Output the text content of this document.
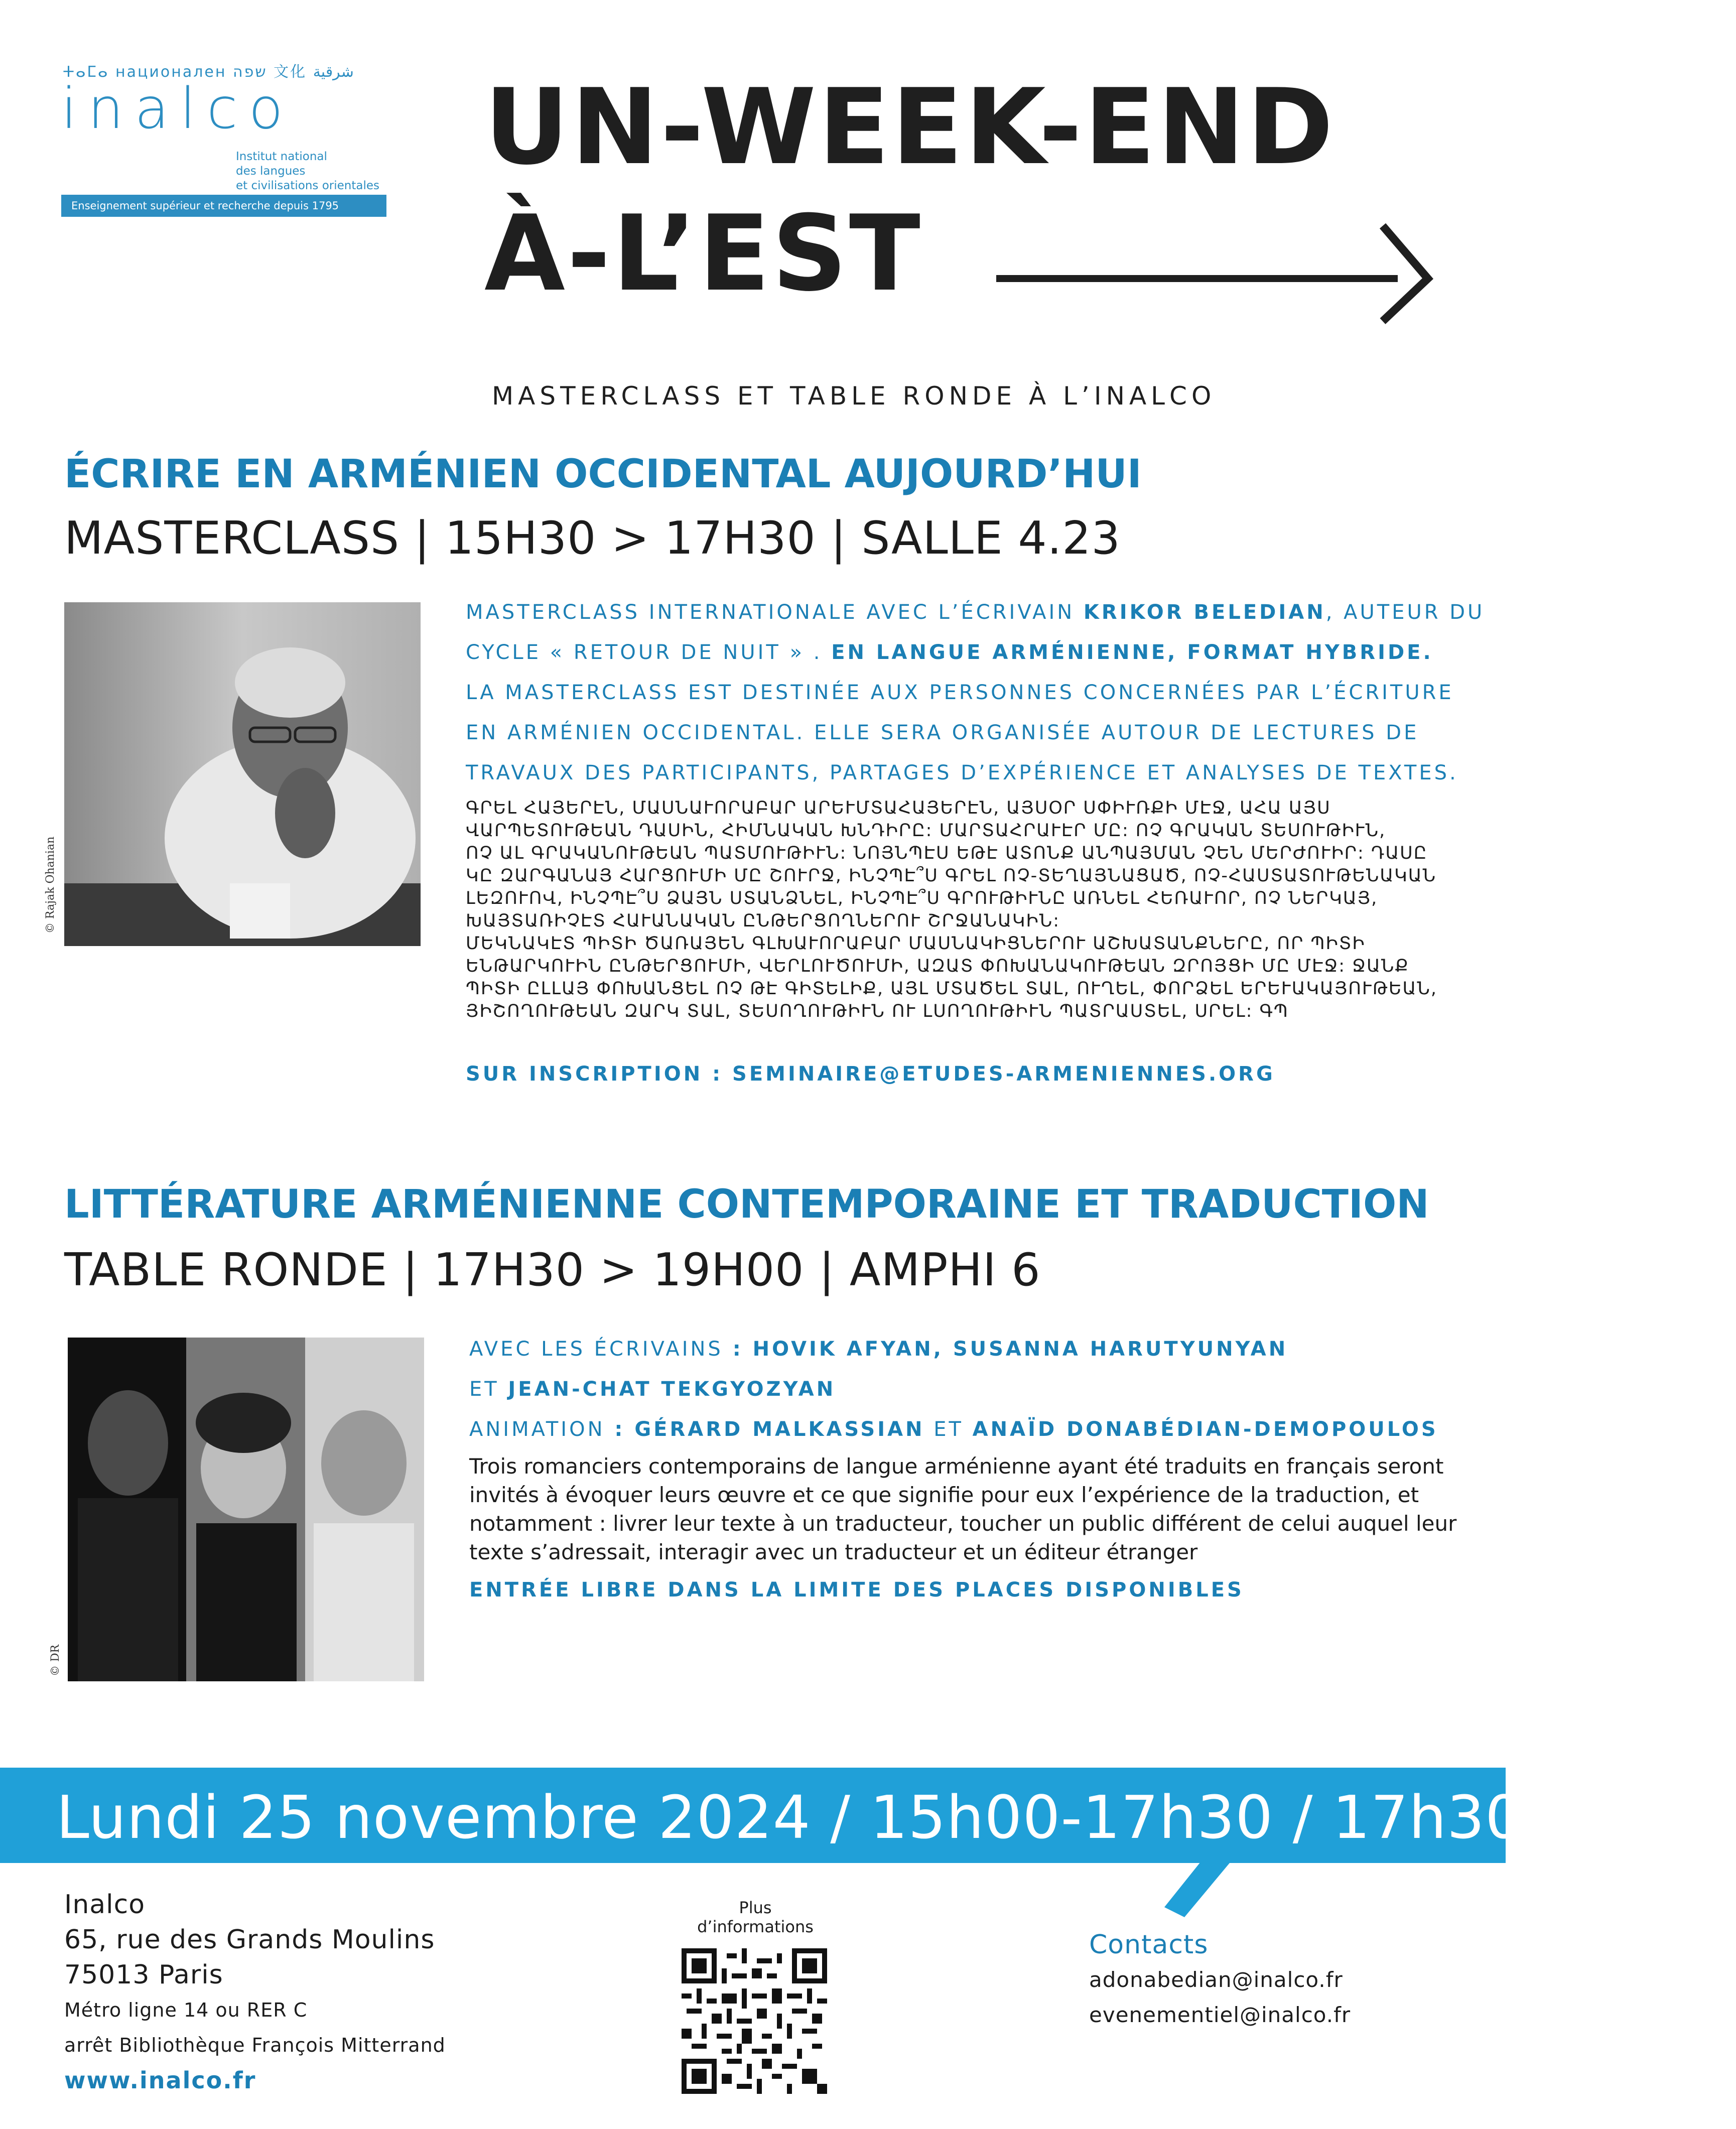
ⵜⴰⵎⴰ национален שפה 文化 شرقية
inalco
Institut national
des langues
et civilisations orientales
Enseignement supérieur et recherche depuis 1795
UN-WEEK-END
À-L’EST
MASTERCLASS ET TABLE RONDE À L’INALCO
ÉCRIRE EN ARMÉNIEN OCCIDENTAL AUJOURD’HUI
MASTERCLASS | 15H30 > 17H30 | SALLE 4.23
© Rajak Ohanian
MASTERCLASS INTERNATIONALE AVEC L’ÉCRIVAIN KRIKOR BELEDIAN, AUTEUR DU
CYCLE « RETOUR DE NUIT » . EN LANGUE ARMÉNIENNE, FORMAT HYBRIDE.
LA MASTERCLASS EST DESTINÉE AUX PERSONNES CONCERNÉES PAR L’ÉCRITURE
EN ARMÉNIEN OCCIDENTAL. ELLE SERA ORGANISÉE AUTOUR DE LECTURES DE
TRAVAUX DES PARTICIPANTS, PARTAGES D’EXPÉRIENCE ET ANALYSES DE TEXTES.
ԳՐԵԼ ՀԱՅԵՐԷՆ, ՄԱՍՆԱՒՈՐԱԲԱՐ ԱՐԵՒՄՏԱՀԱՅԵՐԷՆ, ԱՅՍՕՐ ՍՓԻՒՌՔԻ ՄԷՋ, ԱՀԱ ԱՅՍ
ՎԱՐՊԵՏՈՒԹԵԱՆ ԴԱՍԻՆ, ՀԻՄՆԱԿԱՆ ԽՆԴԻՐԸ: ՄԱՐՏԱՀՐԱՒԷՐ ՄԸ: ՈՉ ԳՐԱԿԱՆ ՏԵՍՈՒԹԻՒՆ,
ՈՉ ԱԼ ԳՐԱԿԱՆՈՒԹԵԱՆ ՊԱՏՄՈՒԹԻՒՆ: ՆՈՅՆՊԷՍ ԵԹԷ ԱՏՈՆՔ ԱՆՊԱՅՄԱՆ ՉԵՆ ՄԵՐԺՈՒԻՐ: ԴԱՍԸ
ԿԸ ԶԱՐԳԱՆԱՅ ՀԱՐՑՈՒՄԻ ՄԸ ՇՈՒՐՋ, ԻՆՉՊԷ՞Ս ԳՐԵԼ ՈՉ-ՏԵՂԱՅՆԱՑԱԾ, ՈՉ-ՀԱՍՏԱՏՈՒԹԵՆԱԿԱՆ
ԼԵԶՈՒՈՎ, ԻՆՉՊԷ՞Ս ՁԱՅՆ ՍՏԱՆՁՆԵԼ, ԻՆՉՊԷ՞Ս ԳՐՈՒԹԻՒՆԸ ԱՌՆԵԼ ՀԵՌԱՒՈՐ, ՈՉ ՆԵՐԿԱՅ,
ԽԱՅՏԱՌԻՉԷՏ ՀԱՒԱՆԱԿԱՆ ԸՆԹԵՐՑՈՂՆԵՐՈՒ ՇՐՋԱՆԱԿԻՆ:
ՄԵԿՆԱԿԷՏ ՊԻՏԻ ԾԱՌԱՅԵՆ ԳԼԽԱՒՈՐԱԲԱՐ ՄԱՍՆԱԿԻՑՆԵՐՈՒ ԱՇԽԱՏԱՆՔՆԵՐԸ, ՈՐ ՊԻՏԻ
ԵՆԹԱՐԿՈՒԻՆ ԸՆԹԵՐՑՈՒՄԻ, ՎԵՐԼՈՒԾՈՒՄԻ, ԱԶԱՏ ՓՈԽԱՆԱԿՈՒԹԵԱՆ ԶՐՈՅՑԻ ՄԸ ՄԷՋ: ՋԱՆՔ
ՊԻՏԻ ԸԼԼԱՅ ՓՈԽԱՆՑԵԼ ՈՉ ԹԷ ԳԻՏԵԼԻՔ, ԱՅԼ ՄՏԱԾԵԼ ՏԱԼ, ՈՒՂԵԼ, ՓՈՐՁԵԼ ԵՐԵՒԱԿԱՅՈՒԹԵԱՆ,
ՅԻՇՈՂՈՒԹԵԱՆ ԶԱՐԿ ՏԱԼ, ՏԵՍՈՂՈՒԹԻՒՆ ՈՒ ԼՍՈՂՈՒԹԻՒՆ ՊԱՏՐԱՍՏԵԼ, ՍՐԵԼ: ԳՊ
SUR INSCRIPTION : SEMINAIRE@ETUDES-ARMENIENNES.ORG
LITTÉRATURE ARMÉNIENNE CONTEMPORAINE ET TRADUCTION
TABLE RONDE | 17H30 > 19H00 | AMPHI 6
© DR
AVEC LES ÉCRIVAINS : HOVIK AFYAN, SUSANNA HARUTYUNYAN
ET JEAN-CHAT TEKGYOZYAN
ANIMATION : GÉRARD MALKASSIAN ET ANAÏD DONABÉDIAN-DEMOPOULOS
Trois romanciers contemporains de langue arménienne ayant été traduits en français seront
invités à évoquer leurs œuvre et ce que signifie pour eux l’expérience de la traduction, et
notamment : livrer leur texte à un traducteur, toucher un public différent de celui auquel leur
texte s’adressait, interagir avec un traducteur et un éditeur étranger
ENTRÉE LIBRE DANS LA LIMITE DES PLACES DISPONIBLES
Lundi 25 novembre 2024 / 15h00-17h30 / 17h30-19h00
Inalco
65, rue des Grands Moulins
75013 Paris
Métro ligne 14 ou RER C
arrêt Bibliothèque François Mitterrand
www.inalco.fr
Plus d’informations
Contacts
adonabedian@inalco.fr
evenementiel@inalco.fr
